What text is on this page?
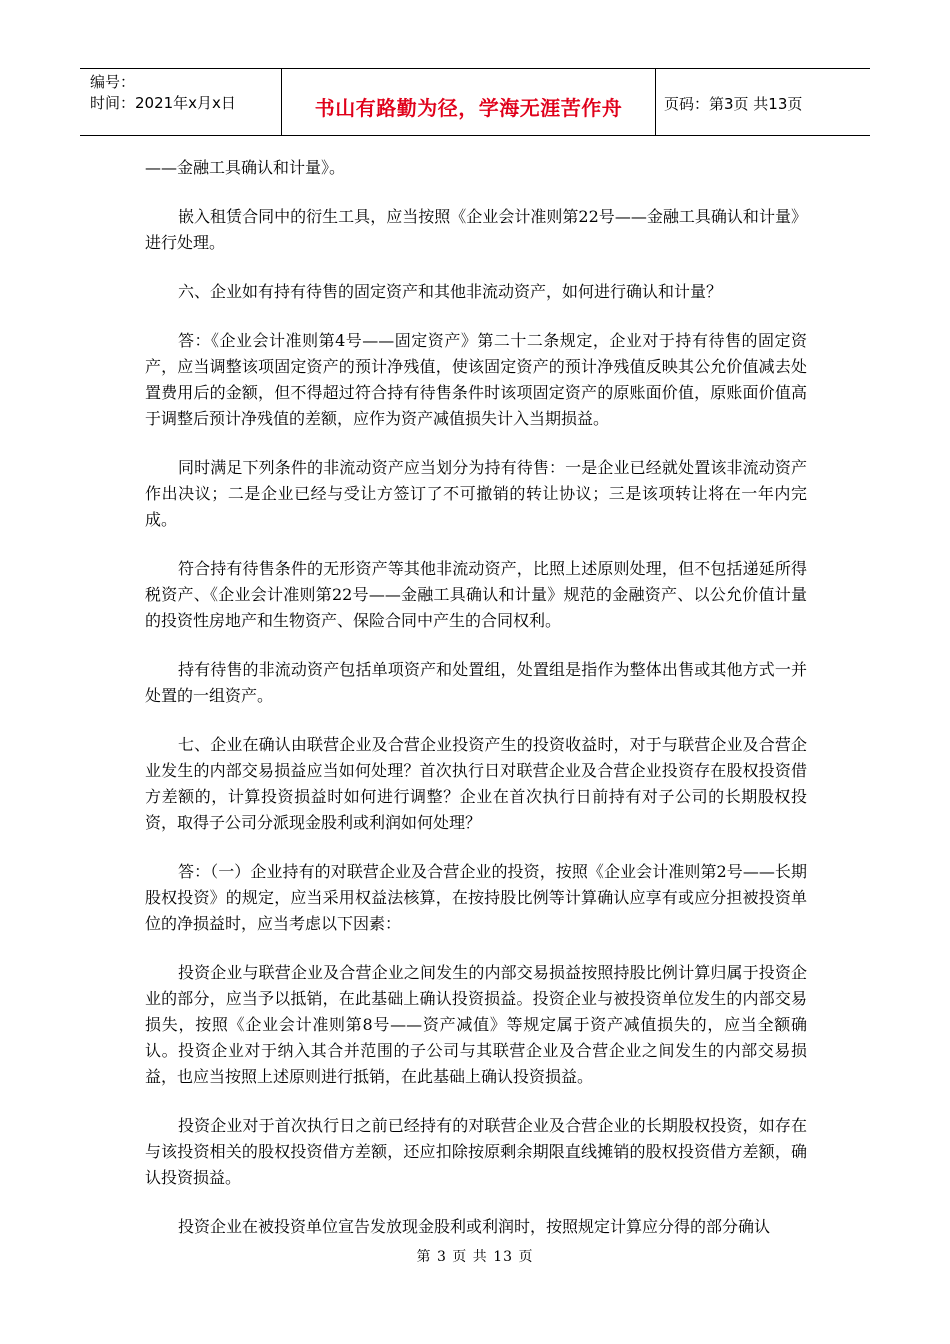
编号：
时间：2021年x月x日	书山有路勤为径，学海无涯苦作舟	页码：第3页 共13页

——金融工具确认和计量》。

嵌入租赁合同中的衍生工具，应当按照《企业会计准则第22号——金融工具确认和计量》进行处理。

六、企业如有持有待售的固定资产和其他非流动资产，如何进行确认和计量？

答：《企业会计准则第4号——固定资产》第二十二条规定，企业对于持有待售的固定资产，应当调整该项固定资产的预计净残值，使该固定资产的预计净残值反映其公允价值减去处置费用后的金额，但不得超过符合持有待售条件时该项固定资产的原账面价值，原账面价值高于调整后预计净残值的差额，应作为资产减值损失计入当期损益。

同时满足下列条件的非流动资产应当划分为持有待售：一是企业已经就处置该非流动资产作出决议；二是企业已经与受让方签订了不可撤销的转让协议；三是该项转让将在一年内完成。

符合持有待售条件的无形资产等其他非流动资产，比照上述原则处理，但不包括递延所得税资产、《企业会计准则第22号——金融工具确认和计量》规范的金融资产、以公允价值计量的投资性房地产和生物资产、保险合同中产生的合同权利。

持有待售的非流动资产包括单项资产和处置组，处置组是指作为整体出售或其他方式一并处置的一组资产。

七、企业在确认由联营企业及合营企业投资产生的投资收益时，对于与联营企业及合营企业发生的内部交易损益应当如何处理？首次执行日对联营企业及合营企业投资存在股权投资借方差额的，计算投资损益时如何进行调整？企业在首次执行日前持有对子公司的长期股权投资，取得子公司分派现金股利或利润如何处理？

答：（一）企业持有的对联营企业及合营企业的投资，按照《企业会计准则第2号——长期股权投资》的规定，应当采用权益法核算，在按持股比例等计算确认应享有或应分担被投资单位的净损益时，应当考虑以下因素：

投资企业与联营企业及合营企业之间发生的内部交易损益按照持股比例计算归属于投资企业的部分，应当予以抵销，在此基础上确认投资损益。投资企业与被投资单位发生的内部交易损失，按照《企业会计准则第8号——资产减值》等规定属于资产减值损失的，应当全额确认。投资企业对于纳入其合并范围的子公司与其联营企业及合营企业之间发生的内部交易损益，也应当按照上述原则进行抵销，在此基础上确认投资损益。

投资企业对于首次执行日之前已经持有的对联营企业及合营企业的长期股权投资，如存在与该投资相关的股权投资借方差额，还应扣除按原剩余期限直线摊销的股权投资借方差额，确认投资损益。

投资企业在被投资单位宣告发放现金股利或利润时，按照规定计算应分得的部分确认

第 3 页 共 13 页
